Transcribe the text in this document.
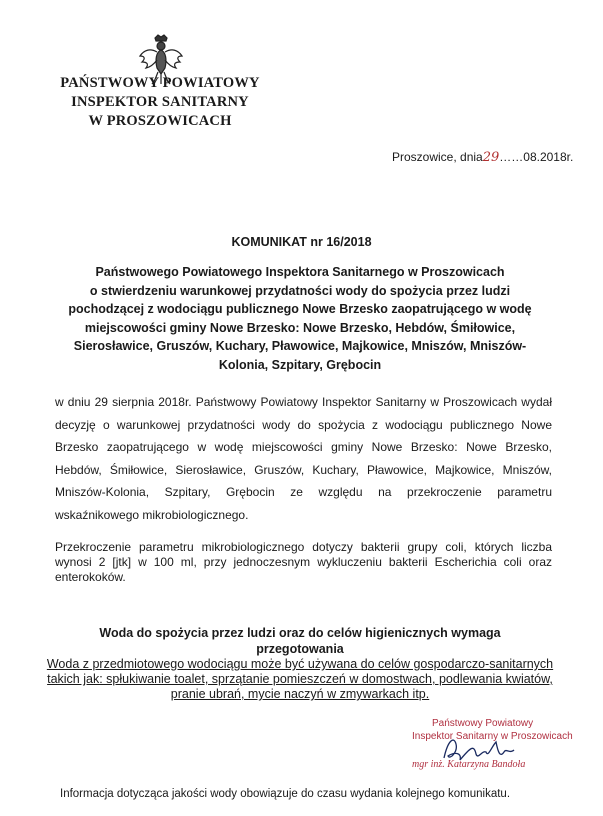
PAŃSTWOWY POWIATOWY
INSPEKTOR SANITARNY
W PROSZOWICACH
Proszowice, dnia29……08.2018r.
KOMUNIKAT nr 16/2018
Państwowego Powiatowego Inspektora Sanitarnego w Proszowicach
o stwierdzeniu warunkowej przydatności wody do spożycia przez ludzi
pochodzącej z wodociągu publicznego Nowe Brzesko zaopatrującego w wodę
miejscowości gminy Nowe Brzesko: Nowe Brzesko, Hebdów, Śmiłowice,
Sierosławice, Gruszów, Kuchary, Pławowice, Majkowice, Mniszów, Mniszów-
Kolonia, Szpitary, Grębocin
w dniu 29 sierpnia 2018r. Państwowy Powiatowy Inspektor Sanitarny w Proszowicach wydał decyzję o warunkowej przydatności wody do spożycia z wodociągu publicznego Nowe Brzesko zaopatrującego w wodę miejscowości gminy Nowe Brzesko: Nowe Brzesko, Hebdów, Śmiłowice, Sierosławice, Gruszów, Kuchary, Pławowice, Majkowice, Mniszów, Mniszów-Kolonia, Szpitary, Grębocin ze względu na przekroczenie parametru wskaźnikowego mikrobiologicznego.
Przekroczenie parametru mikrobiologicznego dotyczy bakterii grupy coli, których liczba wynosi 2 [jtk] w 100 ml, przy jednoczesnym wykluczeniu bakterii Escherichia coli oraz enterokoków.
Woda do spożycia przez ludzi oraz do celów higienicznych wymaga
przegotowania
Woda z przedmiotowego wodociągu może być używana do celów gospodarczo-sanitarnych
takich jak: spłukiwanie toalet, sprzątanie pomieszczeń w domostwach, podlewania kwiatów,
pranie ubrań, mycie naczyń w zmywarkach itp.
Państwowy Powiatowy
Inspektor Sanitarny w Proszowicach
mgr inż. Katarzyna Bandoła
Informacja dotycząca jakości wody obowiązuje do czasu wydania kolejnego komunikatu.
